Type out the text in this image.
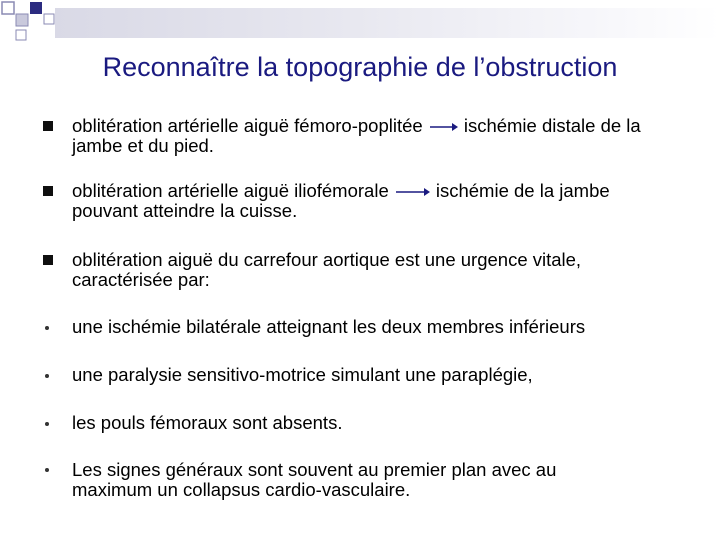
Reconnaître la topographie de l’obstruction
oblitération artérielle aiguë fémoro-poplitée ischémie distale de la
jambe et du pied.
oblitération artérielle aiguë iliofémorale ischémie de la jambe
pouvant atteindre la cuisse.
oblitération aiguë du carrefour aortique est une urgence vitale,
caractérisée par:
une ischémie bilatérale atteignant les deux membres inférieurs
une paralysie sensitivo-motrice simulant une paraplégie,
les pouls fémoraux sont absents.
Les signes généraux sont souvent au premier plan avec au
maximum un collapsus cardio-vasculaire.
